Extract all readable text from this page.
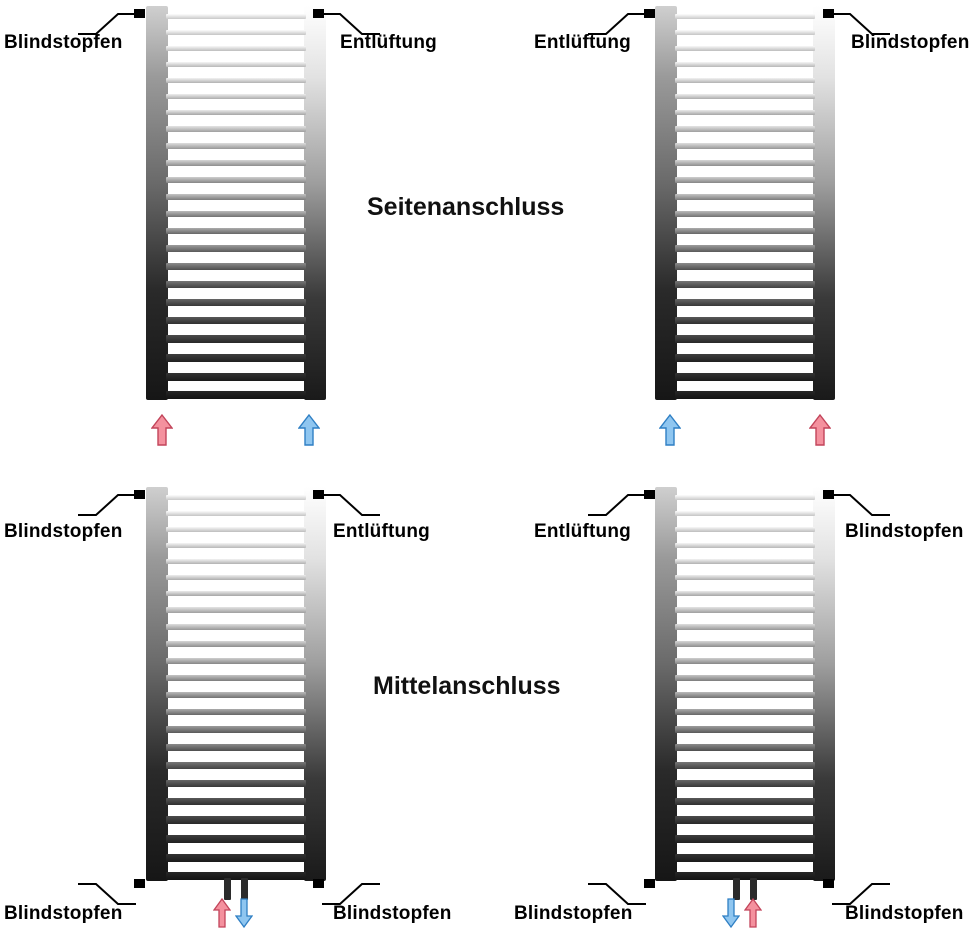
Blindstopfen	Entlüftung	Entlüftung	Blindstopfen
Seitenanschluss
Blindstopfen	Entlüftung
Blindstopfen	Blindstopfen
Entlüftung	Blindstopfen
Blindstopfen	Blindstopfen
Mittelanschluss
